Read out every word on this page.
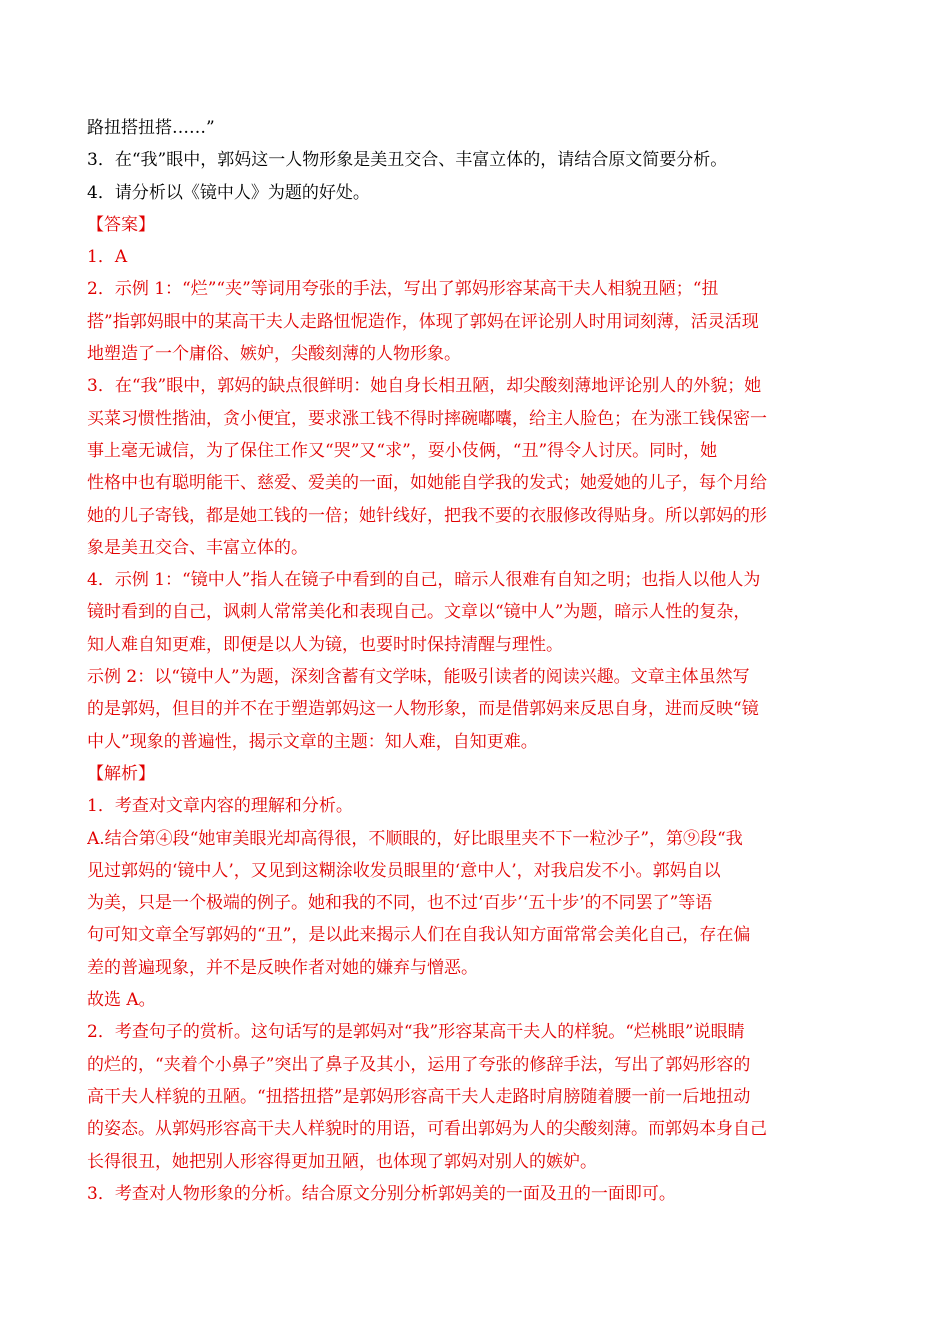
路扭搭扭搭……”
3．在“我”眼中，郭妈这一人物形象是美丑交合、丰富立体的，请结合原文简要分析。
4．请分析以《镜中人》为题的好处。
【答案】
1．A
2．示例 1：“烂”“夹”等词用夸张的手法，写出了郭妈形容某高干夫人相貌丑陋；“扭
搭”指郭妈眼中的某高干夫人走路忸怩造作，体现了郭妈在评论别人时用词刻薄，活灵活现
地塑造了一个庸俗、嫉妒，尖酸刻薄的人物形象。
3．在“我”眼中，郭妈的缺点很鲜明：她自身长相丑陋，却尖酸刻薄地评论别人的外貌；她
买菜习惯性揩油，贪小便宜，要求涨工钱不得时摔碗嘟囔，给主人脸色；在为涨工钱保密一
事上毫无诚信，为了保住工作又“哭”又“求”，耍小伎俩，“丑”得令人讨厌。同时，她
性格中也有聪明能干、慈爱、爱美的一面，如她能自学我的发式；她爱她的儿子，每个月给
她的儿子寄钱，都是她工钱的一倍；她针线好，把我不要的衣服修改得贴身。所以郭妈的形
象是美丑交合、丰富立体的。
4．示例 1：“镜中人”指人在镜子中看到的自己，暗示人很难有自知之明；也指人以他人为
镜时看到的自己，讽刺人常常美化和表现自己。文章以“镜中人”为题，暗示人性的复杂，
知人难自知更难，即便是以人为镜，也要时时保持清醒与理性。
示例 2：以“镜中人”为题，深刻含蓄有文学味，能吸引读者的阅读兴趣。文章主体虽然写
的是郭妈，但目的并不在于塑造郭妈这一人物形象，而是借郭妈来反思自身，进而反映“镜
中人”现象的普遍性，揭示文章的主题：知人难，自知更难。
【解析】
1．考查对文章内容的理解和分析。
A.结合第④段“她审美眼光却高得很，不顺眼的，好比眼里夹不下一粒沙子”，第⑨段“我
见过郭妈的‘镜中人’，又见到这糊涂收发员眼里的‘意中人’，对我启发不小。郭妈自以
为美，只是一个极端的例子。她和我的不同，也不过‘百步’‘五十步’的不同罢了”等语
句可知文章全写郭妈的“丑”，是以此来揭示人们在自我认知方面常常会美化自己，存在偏
差的普遍现象，并不是反映作者对她的嫌弃与憎恶。
故选 A。
2．考查句子的赏析。这句话写的是郭妈对“我”形容某高干夫人的样貌。“烂桃眼”说眼睛
的烂的，“夹着个小鼻子”突出了鼻子及其小，运用了夸张的修辞手法，写出了郭妈形容的
高干夫人样貌的丑陋。“扭搭扭搭”是郭妈形容高干夫人走路时肩膀随着腰一前一后地扭动
的姿态。从郭妈形容高干夫人样貌时的用语，可看出郭妈为人的尖酸刻薄。而郭妈本身自己
长得很丑，她把别人形容得更加丑陋，也体现了郭妈对别人的嫉妒。
3．考查对人物形象的分析。结合原文分别分析郭妈美的一面及丑的一面即可。
